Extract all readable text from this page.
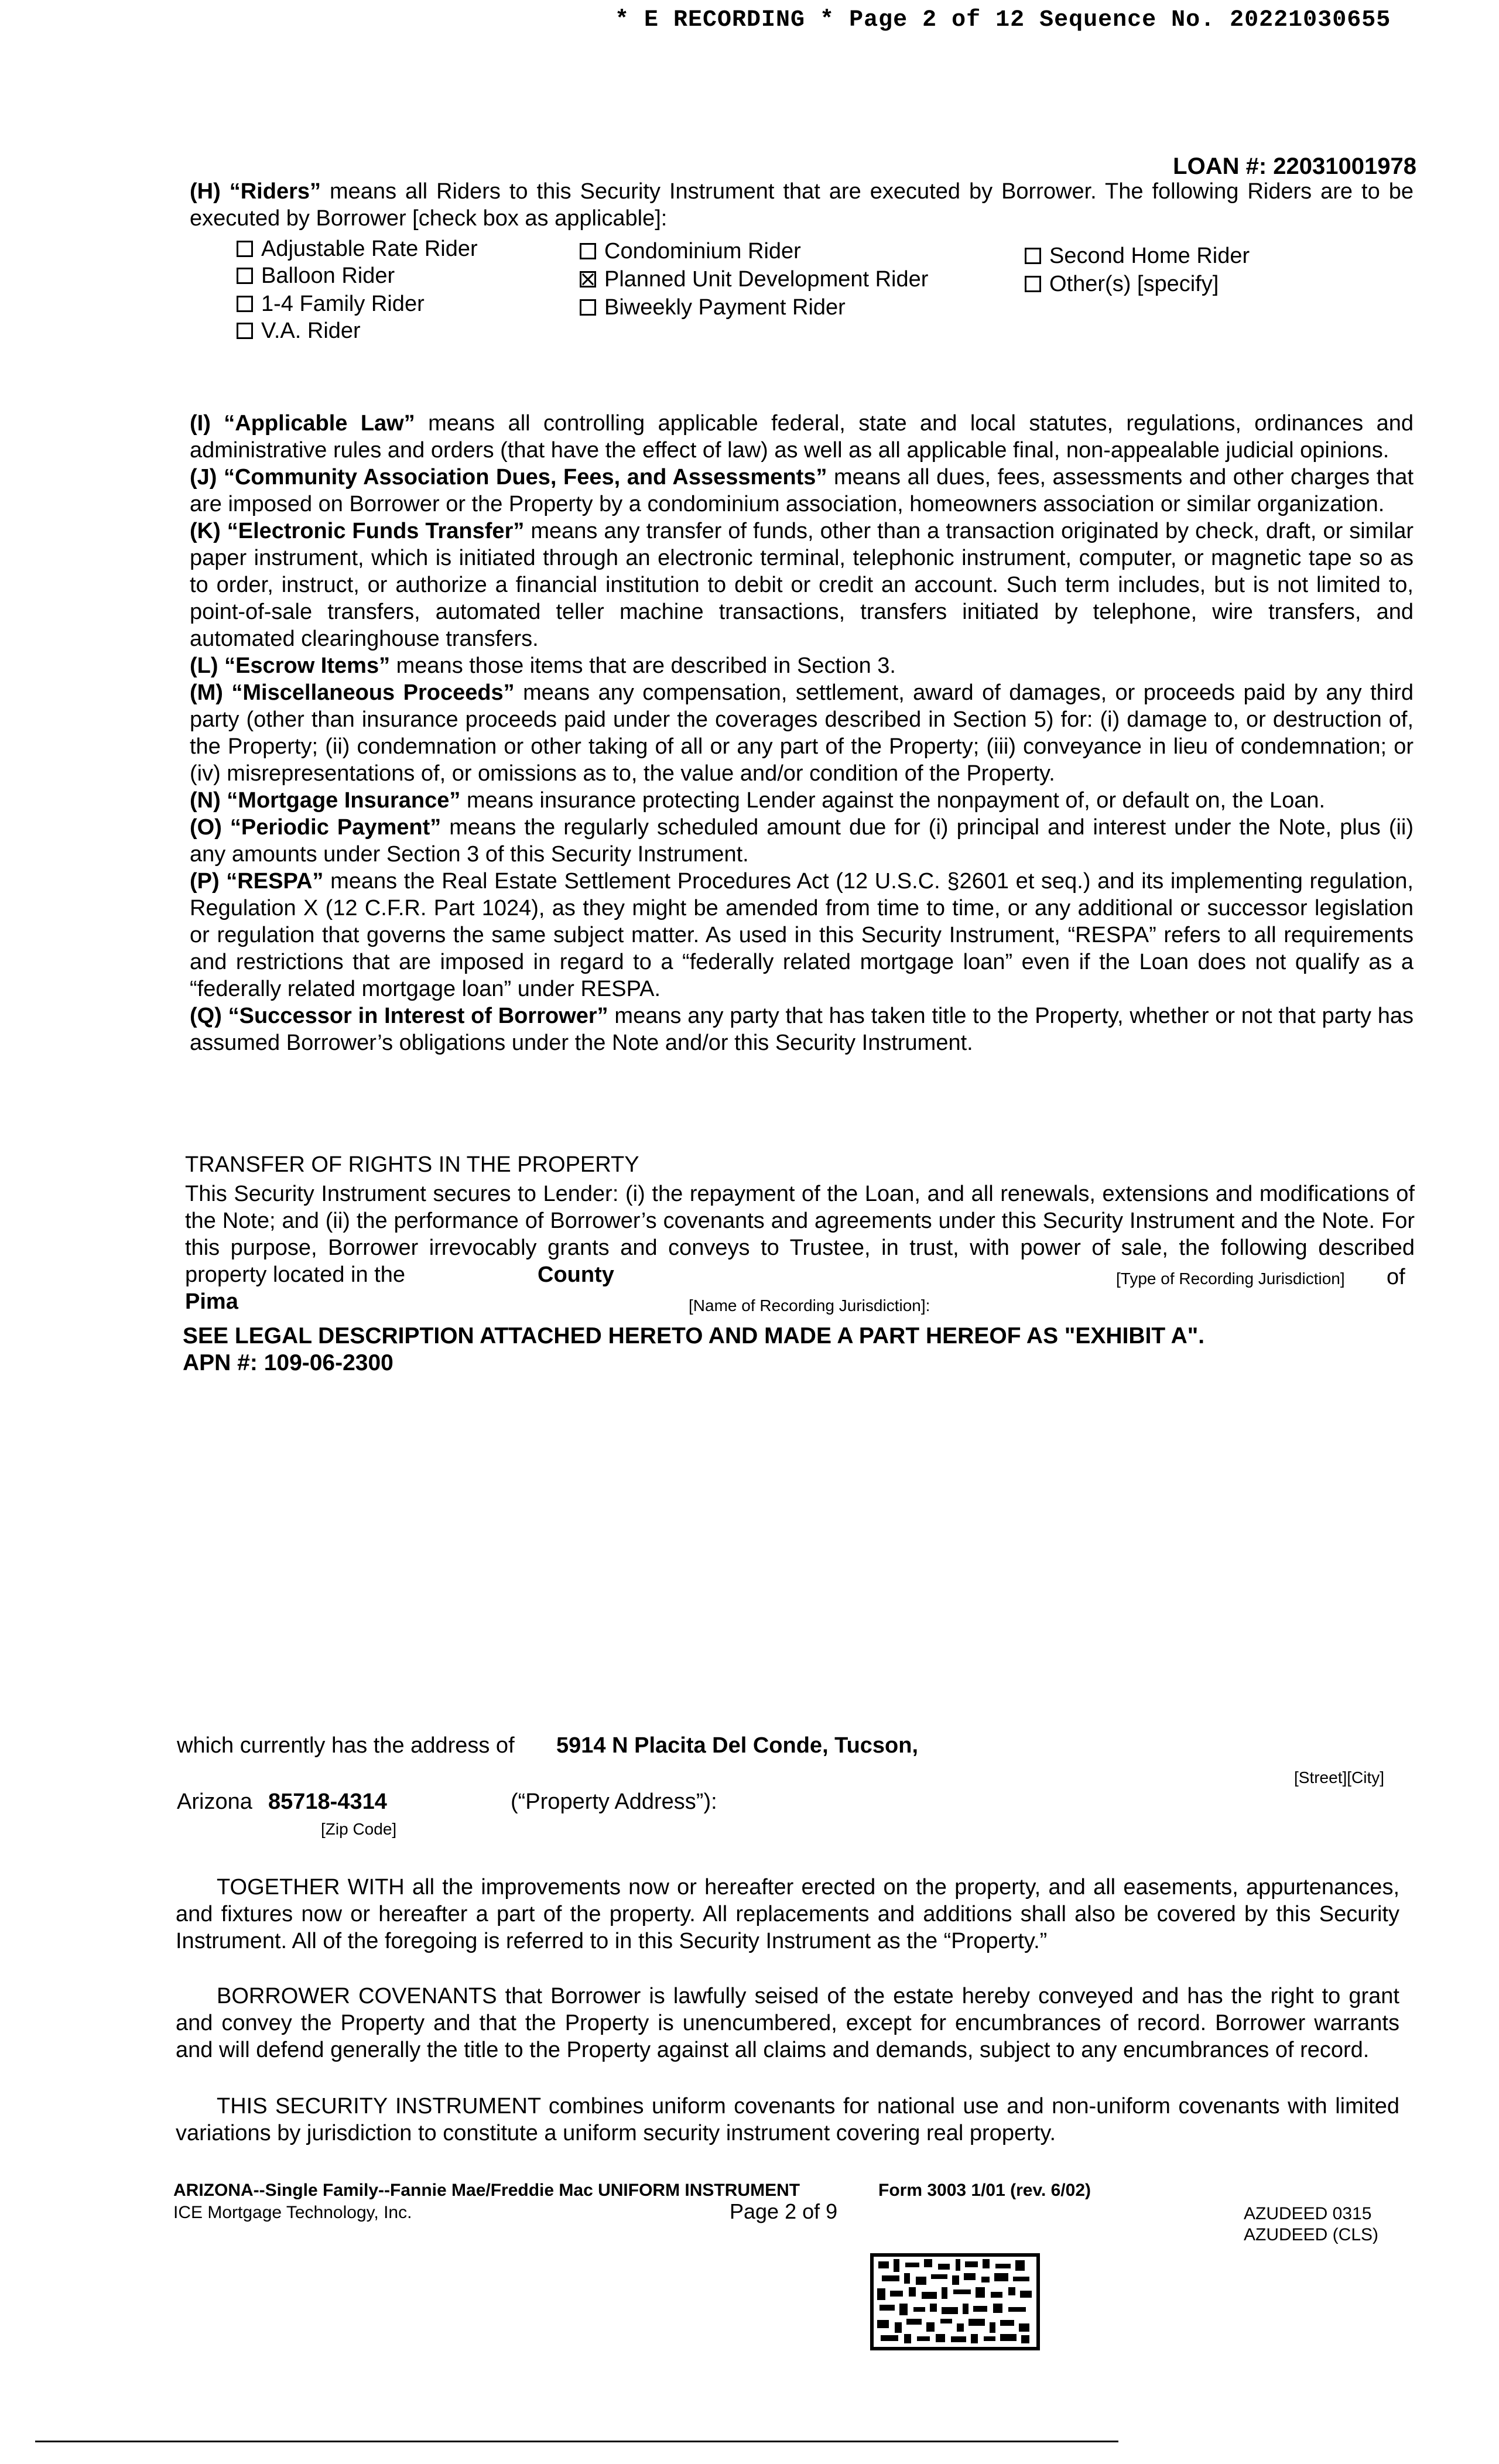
* E RECORDING * Page 2 of 12 Sequence No. 20221030655
LOAN #: 22031001978
(H) “Riders” means all Riders to this Security Instrument that are executed by Borrower. The following Riders are to be executed by Borrower [check box as applicable]:
Adjustable Rate Rider
Balloon Rider
1-4 Family Rider
V.A. Rider
Condominium Rider
Planned Unit Development Rider
Biweekly Payment Rider
Second Home Rider
Other(s) [specify]
(I) “Applicable Law” means all controlling applicable federal, state and local statutes, regulations, ordinances and administrative rules and orders (that have the effect of law) as well as all applicable final, non-appealable judicial opinions.
(J) “Community Association Dues, Fees, and Assessments” means all dues, fees, assessments and other charges that are imposed on Borrower or the Property by a condominium association, homeowners association or similar organization.
(K) “Electronic Funds Transfer” means any transfer of funds, other than a transaction originated by check, draft, or similar paper instrument, which is initiated through an electronic terminal, telephonic instrument, computer, or magnetic tape so as to order, instruct, or authorize a financial institution to debit or credit an account. Such term includes, but is not limited to, point-of-sale transfers, automated teller machine transactions, transfers initiated by telephone, wire transfers, and automated clearinghouse transfers.
(L) “Escrow Items” means those items that are described in Section 3.
(M) “Miscellaneous Proceeds” means any compensation, settlement, award of damages, or proceeds paid by any third party (other than insurance proceeds paid under the coverages described in Section 5) for: (i) damage to, or destruction of, the Property; (ii) condemnation or other taking of all or any part of the Property; (iii) conveyance in lieu of condemnation; or (iv) misrepresentations of, or omissions as to, the value and/or condition of the Property.
(N) “Mortgage Insurance” means insurance protecting Lender against the nonpayment of, or default on, the Loan.
(O) “Periodic Payment” means the regularly scheduled amount due for (i) principal and interest under the Note, plus (ii) any amounts under Section 3 of this Security Instrument.
(P) “RESPA” means the Real Estate Settlement Procedures Act (12 U.S.C. §2601 et seq.) and its implementing regulation, Regulation X (12 C.F.R. Part 1024), as they might be amended from time to time, or any additional or successor legislation or regulation that governs the same subject matter. As used in this Security Instrument, “RESPA” refers to all requirements and restrictions that are imposed in regard to a “federally related mortgage loan” even if the Loan does not qualify as a “federally related mortgage loan” under RESPA.
(Q) “Successor in Interest of Borrower” means any party that has taken title to the Property, whether or not that party has assumed Borrower’s obligations under the Note and/or this Security Instrument.
TRANSFER OF RIGHTS IN THE PROPERTY
This Security Instrument secures to Lender: (i) the repayment of the Loan, and all renewals, extensions and modifications of the Note; and (ii) the performance of Borrower’s covenants and agreements under this Security Instrument and the Note. For this purpose, Borrower irrevocably grants and conveys to Trustee, in trust, with power of sale, the following described property located in the	County	[Type of Recording Jurisdiction] of
Pima	[Name of Recording Jurisdiction]:
SEE LEGAL DESCRIPTION ATTACHED HERETO AND MADE A PART HEREOF AS "EXHIBIT A".
APN #: 109-06-2300
which currently has the address of 5914 N Placita Del Conde, Tucson,
[Street][City]
Arizona 85718-4314
[Zip Code]
(“Property Address”):
TOGETHER WITH all the improvements now or hereafter erected on the property, and all easements, appurtenances, and fixtures now or hereafter a part of the property. All replacements and additions shall also be covered by this Security Instrument. All of the foregoing is referred to in this Security Instrument as the “Property.”
BORROWER COVENANTS that Borrower is lawfully seised of the estate hereby conveyed and has the right to grant and convey the Property and that the Property is unencumbered, except for encumbrances of record. Borrower warrants and will defend generally the title to the Property against all claims and demands, subject to any encumbrances of record.
THIS SECURITY INSTRUMENT combines uniform covenants for national use and non-uniform covenants with limited variations by jurisdiction to constitute a uniform security instrument covering real property.
ARIZONA--Single Family--Fannie Mae/Freddie Mac UNIFORM INSTRUMENT	Form 3003 1/01 (rev. 6/02)
ICE Mortgage Technology, Inc.	Page 2 of 9	AZUDEED 0315
AZUDEED (CLS)
